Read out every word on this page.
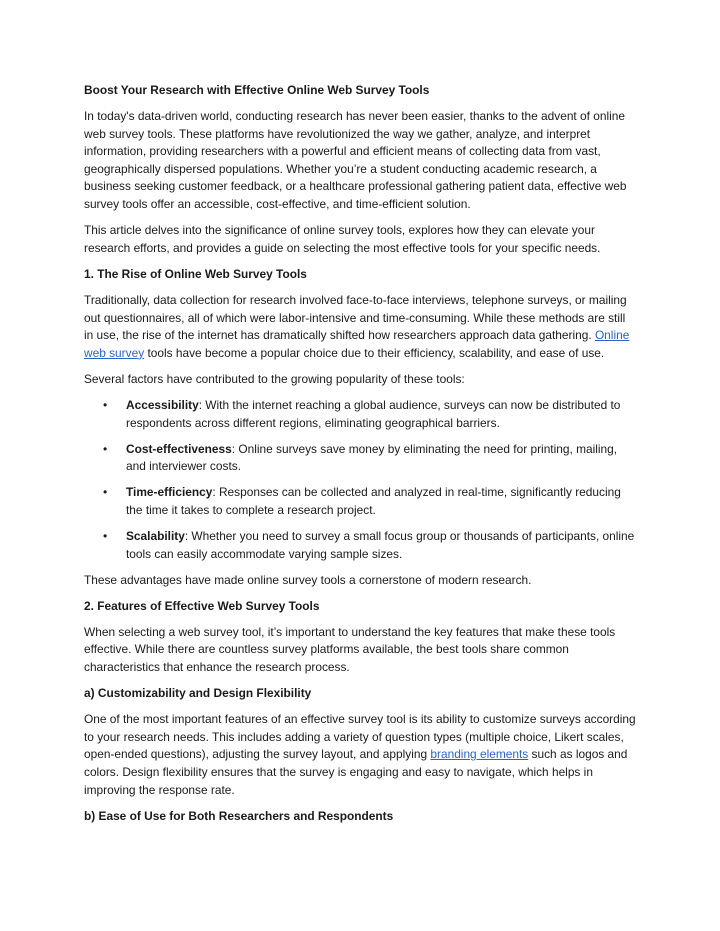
Boost Your Research with Effective Online Web Survey Tools

In today's data-driven world, conducting research has never been easier, thanks to the advent of online web survey tools. These platforms have revolutionized the way we gather, analyze, and interpret information, providing researchers with a powerful and efficient means of collecting data from vast, geographically dispersed populations. Whether you’re a student conducting academic research, a business seeking customer feedback, or a healthcare professional gathering patient data, effective web survey tools offer an accessible, cost-effective, and time-efficient solution.

This article delves into the significance of online survey tools, explores how they can elevate your research efforts, and provides a guide on selecting the most effective tools for your specific needs.

1. The Rise of Online Web Survey Tools

Traditionally, data collection for research involved face-to-face interviews, telephone surveys, or mailing out questionnaires, all of which were labor-intensive and time-consuming. While these methods are still in use, the rise of the internet has dramatically shifted how researchers approach data gathering. Online web survey tools have become a popular choice due to their efficiency, scalability, and ease of use.

Several factors have contributed to the growing popularity of these tools:

• Accessibility: With the internet reaching a global audience, surveys can now be distributed to respondents across different regions, eliminating geographical barriers.
• Cost-effectiveness: Online surveys save money by eliminating the need for printing, mailing, and interviewer costs.
• Time-efficiency: Responses can be collected and analyzed in real-time, significantly reducing the time it takes to complete a research project.
• Scalability: Whether you need to survey a small focus group or thousands of participants, online tools can easily accommodate varying sample sizes.

These advantages have made online survey tools a cornerstone of modern research.

2. Features of Effective Web Survey Tools

When selecting a web survey tool, it’s important to understand the key features that make these tools effective. While there are countless survey platforms available, the best tools share common characteristics that enhance the research process.

a) Customizability and Design Flexibility

One of the most important features of an effective survey tool is its ability to customize surveys according to your research needs. This includes adding a variety of question types (multiple choice, Likert scales, open-ended questions), adjusting the survey layout, and applying branding elements such as logos and colors. Design flexibility ensures that the survey is engaging and easy to navigate, which helps in improving the response rate.

b) Ease of Use for Both Researchers and Respondents
